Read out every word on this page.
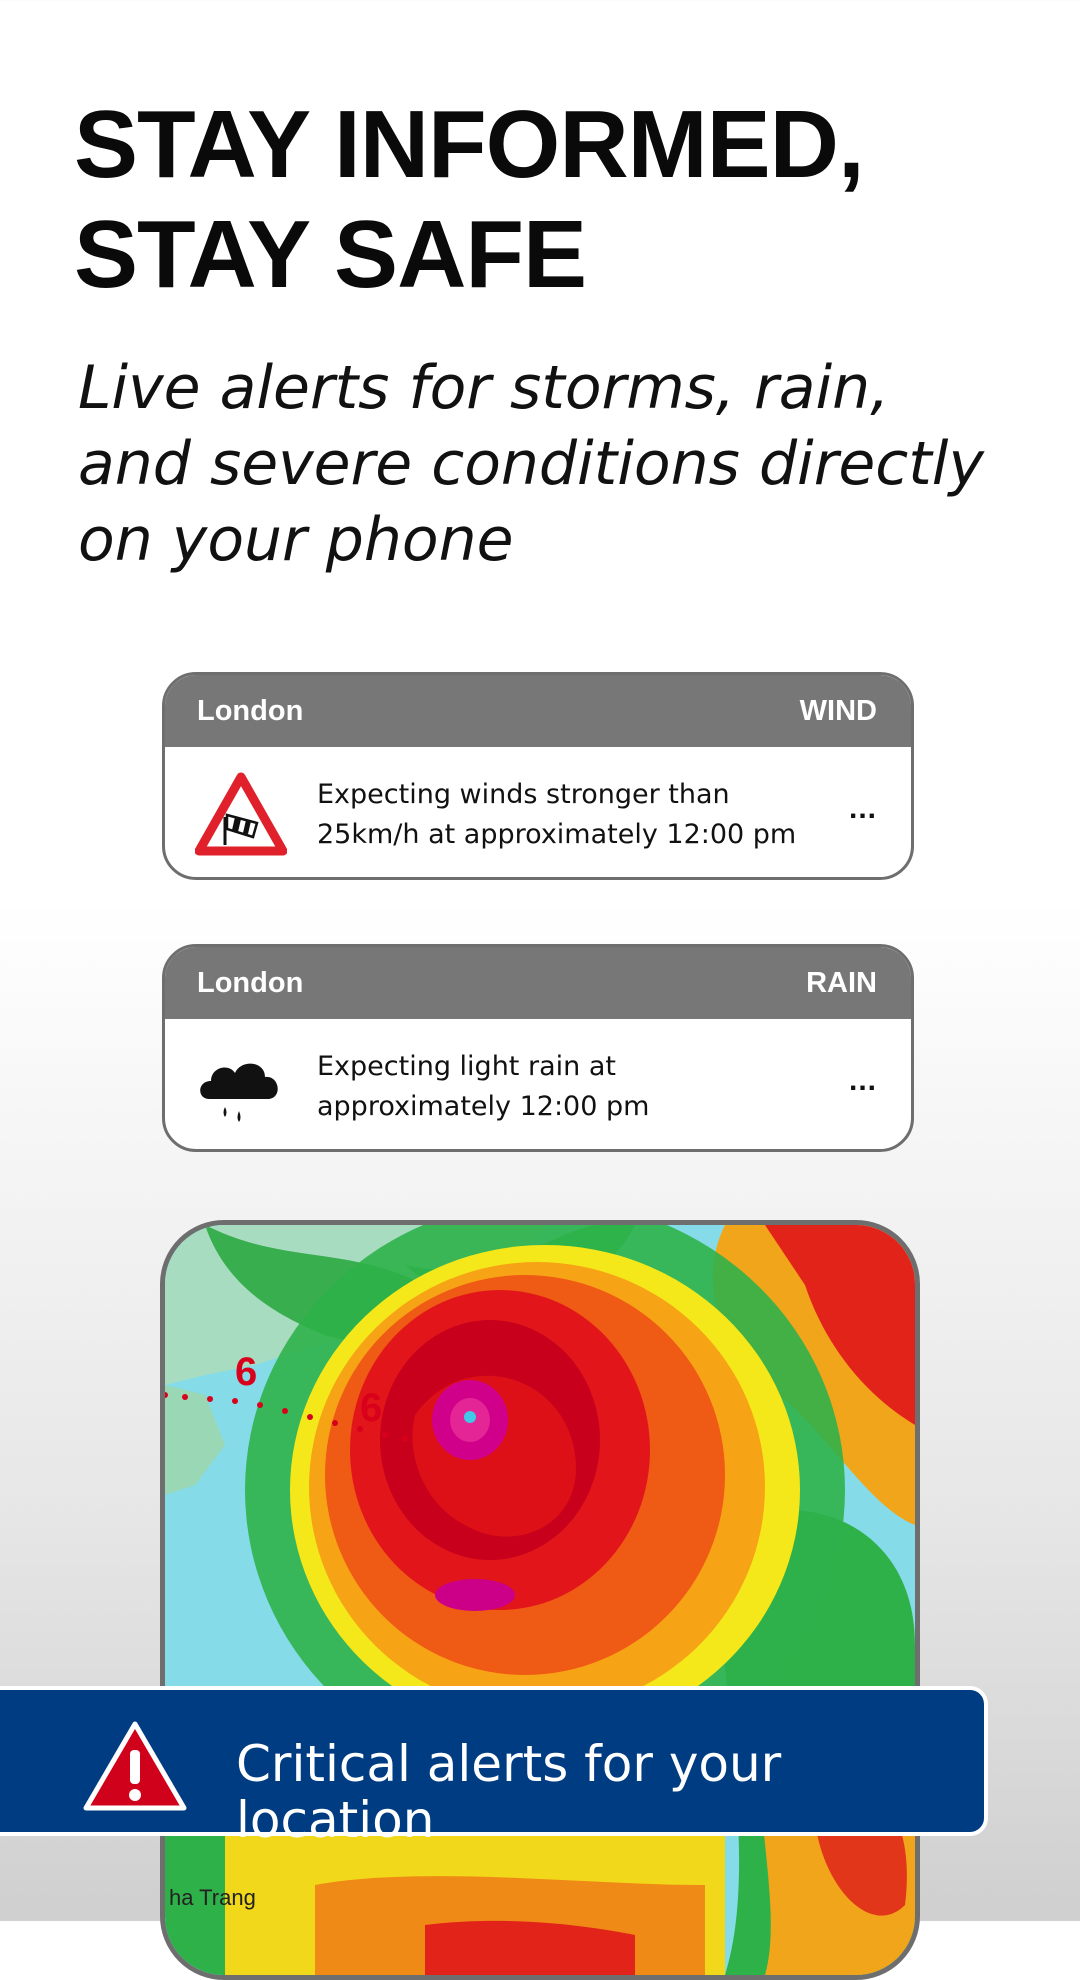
STAY INFORMED,
STAY SAFE

Live alerts for storms, rain,
and severe conditions directly
on your phone

London	WIND
Expecting winds stronger than 25km/h at approximately 12:00 pm
...
London	RAIN
Expecting light rain at approximately 12:00 pm
...
6
6
ha Trang
Critical alerts for your location
